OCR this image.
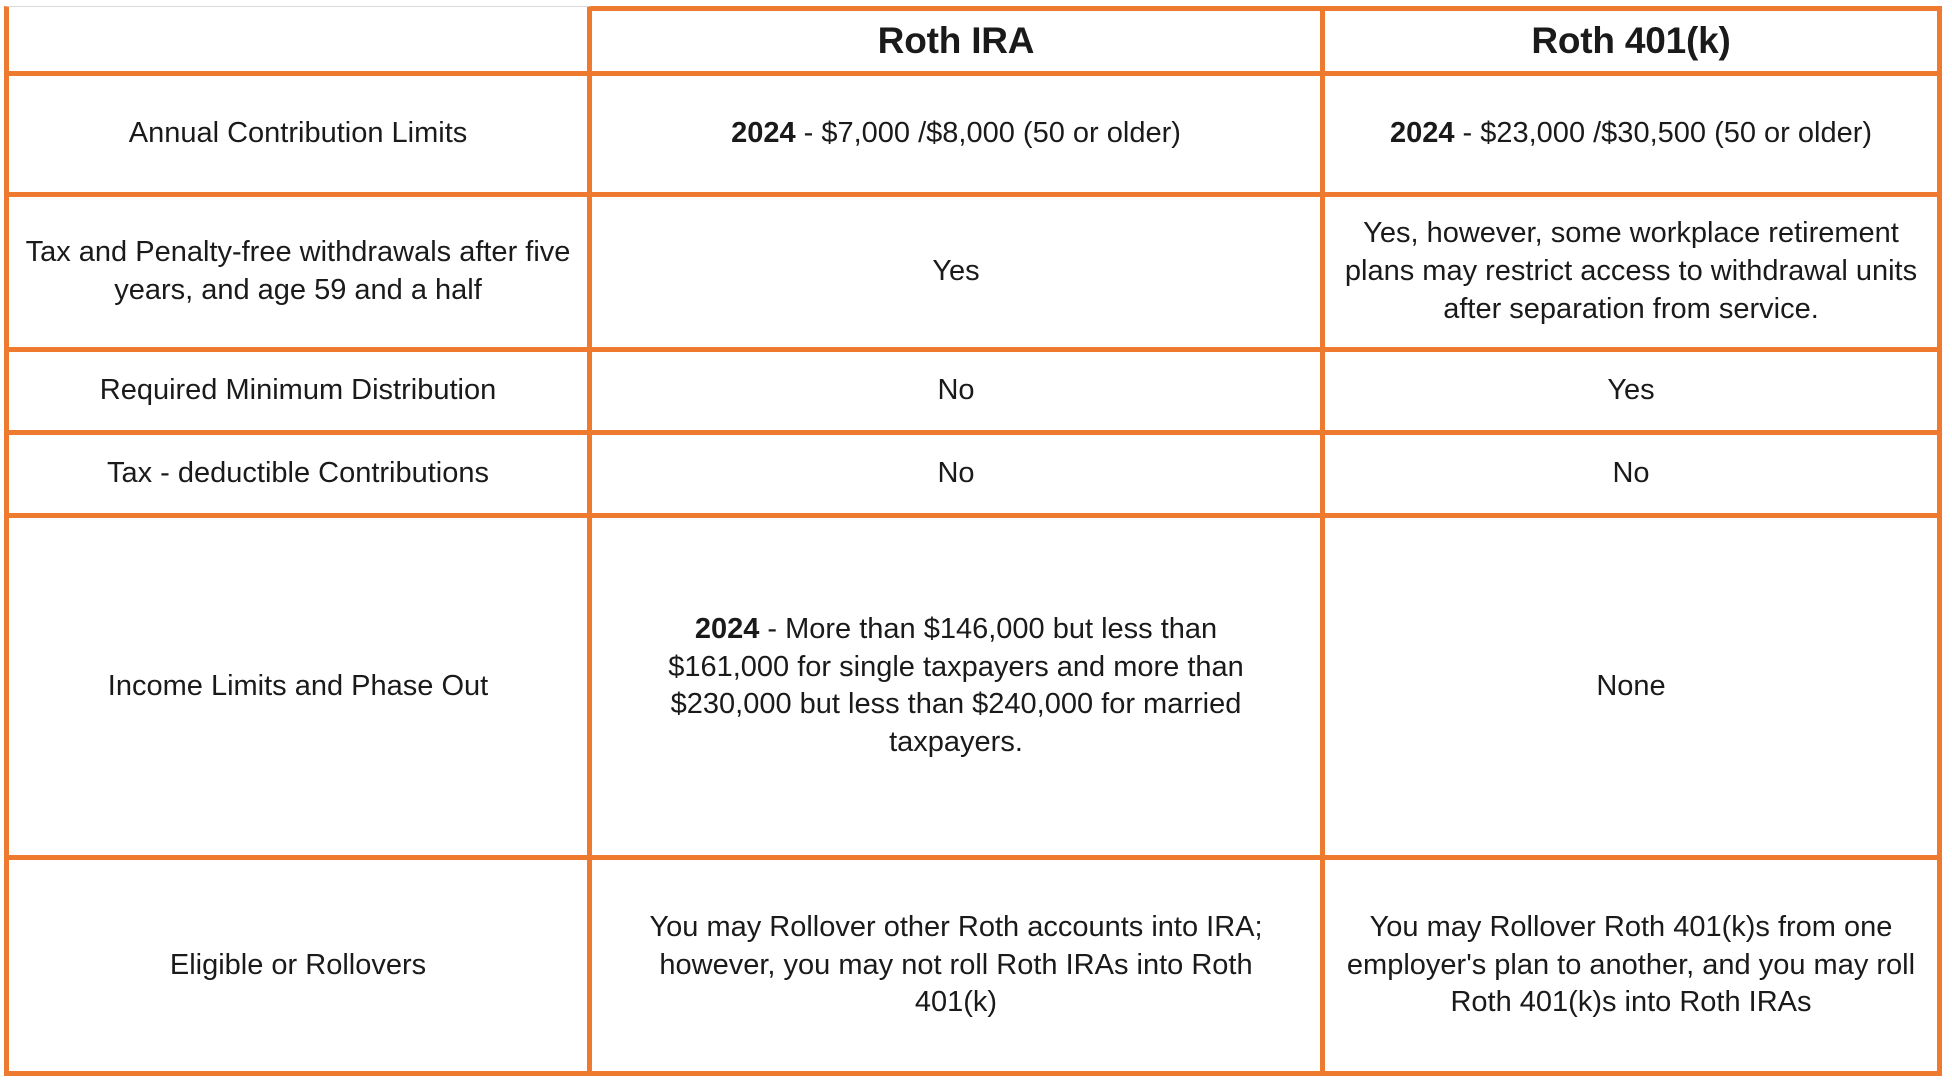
	Roth IRA	Roth 401(k)
Annual Contribution Limits	2024 - $7,000 /$8,000 (50 or older)	2024 - $23,000 /$30,500 (50 or older)
Tax and Penalty-free withdrawals after five years, and age 59 and a half	Yes	Yes, however, some workplace retirement plans may restrict access to withdrawal units after separation from service.
Required Minimum Distribution	No	Yes
Tax - deductible Contributions	No	No
Income Limits and Phase Out	2024 - More than $146,000 but less than $161,000 for single taxpayers and more than $230,000 but less than $240,000 for married taxpayers.	None
Eligible or Rollovers	You may Rollover other Roth accounts into IRA; however, you may not roll Roth IRAs into Roth 401(k)	You may Rollover Roth 401(k)s from one employer's plan to another, and you may roll Roth 401(k)s into Roth IRAs
